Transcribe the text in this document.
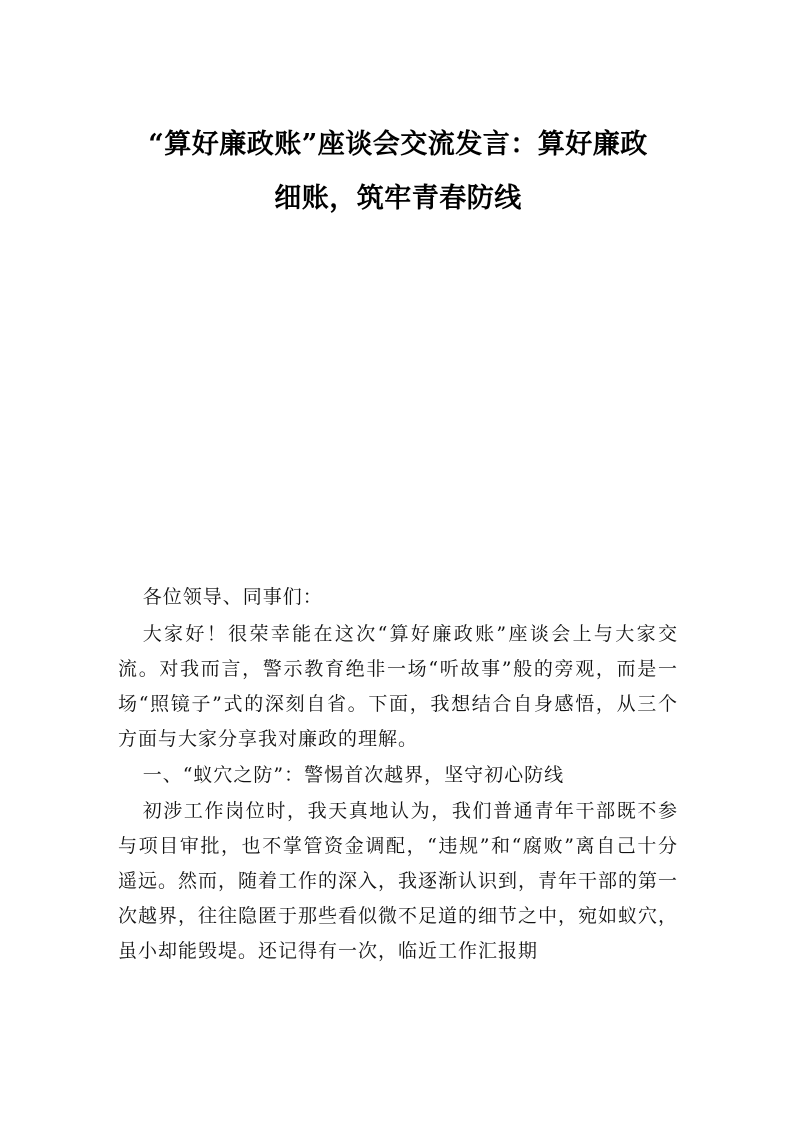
“算好廉政账”座谈会交流发言：算好廉政
细账，筑牢青春防线

各位领导、同事们：

大家好！很荣幸能在这次“算好廉政账”座谈会上与大家交流。对我而言，警示教育绝非一场“听故事”般的旁观，而是一场“照镜子”式的深刻自省。下面，我想结合自身感悟，从三个方面与大家分享我对廉政的理解。

一、“蚁穴之防”：警惕首次越界，坚守初心防线

初涉工作岗位时，我天真地认为，我们普通青年干部既不参与项目审批，也不掌管资金调配，“违规”和“腐败”离自己十分遥远。然而，随着工作的深入，我逐渐认识到，青年干部的第一次越界，往往隐匿于那些看似微不足道的细节之中，宛如蚁穴，虽小却能毁堤。还记得有一次，临近工作汇报期
